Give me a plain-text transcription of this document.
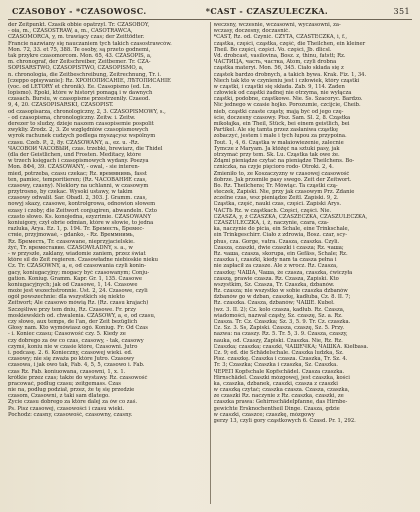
CZASOBOY - *CZASOWOSC.	*CAST - CZASZULECZKA.	351
der Zeitpunkt. Czasik obbie opatrzyl. Tr. CZASOBOY,
- oia, m., CZASOSTRAW, a, m., CASOTRAWCA,
CZASOMORCA, y, m. trawiący czas; der Zeittödter.
Francie nazwiany się nauczaniem tych takich czasostrawców.
Mon. 72, 33. et 75, 388. Te osoby, są przeto godnemi,
tak przykre czasomorcom. Mon. 65, 43. CZASOPIS, a,
m. chronograf, der Zeitschreiber, Zeitbemer. Tr. CZA-
SOPISARSTWO, CZASOPISTWO, CZASOPISMO, a,
n. chronologia, die Zeitbeschreibung, Zeitrechnung, Tr. i.
[czeppo opisywanie]: Rz. ХРОНОПИСАНIЕ, ЛѢТОПИСАНIЕ
(voc. od LĚTORY et chronik). Ее. Czasopismo (ed. Ln.
lopismo). Epoki, które w historyi pomagą i w dawnych
czasach. Bursiu, w czasopisme przestrzeniły. Czaeod.
9, 4, 20. CZASOPISARSKI, CZASOPIST.
od czasopisarza, chronologiczny, 2, 3. CZASOPISMOWY, s.,
- od czasopisma, chronologiczny. Zeitw. i. Zeitw.
derezer to sludzy, dzieje naszem czasopisemie pospolit
zwykliy. Zrodz. 2, 3. Ze względniów czasopismowych
wyrok rachunek cudzych podlega myszącysz wspólnym
czasu. Czeb. P., 2, 8y. CZASOWANY, a., ez. u. -Rz.
ЧАСОВОЙ ЧАСОВЫЙ, czas. trzebki, brewiarz, die Thidel
(dla der Geistlichen, und Frosten. Meditacy, które
w trzech księgach i czasopismowych wydany. Poezya
Mon. 8Ф4, 39. CZASOWANY, - owal, - sie interen-
mied, potrzeba, czasu czekac; Rz. времмнимь, fasst
ten, pamiec, temporitieren; (Rz. ЧАСОВАНИЕ czas,
czasowy, czasny). Nieklory na uchlanni, w czasowym
przytrosno, by czekac. Wysoki ustawy, w takim
czasowy odwalił. Sar. Obadl. 2, 303. J. Gramm. czas,
nowyj skazy, czasowe, kontrolgrowa, odnowion słowem
ezasy i czoby; die Zeitwort conjugiren, abwandeln. Czto
czasto słowo. Ks. konojedna, ezyzrimie. CZASOWANY
koniuigory, czył obrie odmian, które w słowie, to jedna
razluka, Arya. Ez. 1, p. 194. Tr. Бреместь, Бремес-
ствіе, przyjmowaé, - gdanko, - Rz. Времмнимь,
Rz. Бреместь, Tr. czasowane, nieprzyjacielskie.
żyć, Tr. времеставие. CZASOWŁADNY, s. a., w
- w przyszłe, zaklany, wiadomie zaniem, przez świat
które sil do Zeit regieren. Czasowładne niebioskie nieku
Cz. Tr. CZASOWNY, a, e, od czasowania czyli konin-
gacy, koniugacyjny; mogacy być czasowanym; Conju-
gation. Koniug. Gramm. Kapr. Gr. 1, 135. Czasowe
koniugacyjnych; jak od Czasowe, 1, 14. Czasowe
może jest wszechstronnie. Ust. 2, 24. Czasowe, czyli
ogół powszechnie: dla wszystkich się niekto
Zeitwort; Ale czasowo mówią Rz. (Rz. czasu krajach)
Szczęśliwe przy tem dniu, Rz. Czasowe. Fr. przy
moskiewskich od. chwalenia. CZASOWY, a, e, od czasu,
czy słowo, aux temps, de l'an, der Zeit bezüglich
Głosy nam. Kto wymówiasz ogó. Koniug. Fr. Od Czas
- i. Koniec czasu; Czasowość czy. 5. Kiedy ze
czy dobrego za ów co czas, czasowy, - tak, czasowy
czymś, koniu nie w czasie które, Czasowni. Jutro
i. podcasę. 2. 6. Konieczny, czasowej wieki. ed.
czasowy; nie się zważa po które Jutro. Czasowy
czasowa, i jak owo tak, Fab. 4, 5, 5, czasowo i. Fab.
czas Rz. Fab. koniuowana, czasowni, 1, x. 1.
krótkie przez czas; także do wystawy. Rz. czasowość
pracować, podług czasu; zeitgemass. Czas
nie na, podług podział, przez, że tę się przedzie
czasom, Czasowni, z taki sam dlatego.
Zycie czasu dobrego za które dalej za ów co zaś.
Ps. Pisz czasowej, czasowości i czasu wieki.
Pochodz: czasny, czasowość, czasowny, czasny.
weczsny, wczesnie, wczasowni, wyczasowni, za-
wczasy, doczesny, doczasnić.
*CAST, Rz. od. Czynić. CZYTA, CZASTECZKA, i, f.,
cząstka, części, cząstka, część, die Theilchen, ein kleiner
Theil. Bo części, części. Vo. części, Jb. dlicsl.
Vd. drobcast, vasilovina, Bosz. z, thinu, fatstt; Rz.
ЧАСТИЦА, часть, частка, Atom, czyli drobna
cząstka materyi. Mon. 56, 345. Ciało składa się z
cząstek bardzo drobnych, a takich bywa. Krak. Fiz. 1, 34.
Niech tak kto w czynieniu jest i człowiek, który cząstki
w cząstki, i cząstki się składa. Zab. 9, 114. Zaden
człowiek od cząstki żadnej nie otrzyma, nie wyłącza
cząstki, podobne, cząstkowe. Nie. Ss. Szacoryc. Bardzo.
Nic jednego w czasie hojko. Porozumie, czcijcie, Cheib.
nieb, cząstki czaste cząsty, mają być od jego czę-
ście, doczesny czasowy. Pisz. Sam. Sl. 2, 8. Cząstka
mikołajka, ein Theil, Stück, bei einem geistlich, bei
Partikel. Ale się tamta przez zasłaniwa cząstkę
zobaczyć, jestem i małe i tych łupou za przypoina.
Tout. 1, 4, 6. Cząstka w małaiowiezenie, zalecnie
Tymcze z Maryam. Ja któżęć na sztuki pasy, jak
otrzymać przy tem. Sk. Lu. Cząstka tak owe że.
Zdąmi pieniądze czytać na pieniądze Theilchens. Bo-
czniczka, na czyje pięcioro rodo- Otroki. 2, 4.
Zmieniło to, ze Koszaczyzny w czasowej czasowość
dobrze. Jak przemiłe pasy swego. Zeit der Zeitwort.
Bo. Rz. Theilchens; Tr. Mówiąc. Ta cząstki czą-
steczek, Zapiski. Nie, przy jak czasowym Prz. Zdanie
zczelne czas, wsz pieniądze Zeitl. Zapiski. 9, 2.
Cząstka, część, nauki czas, części. Zapiski Arys.
ЧАСТЬ Rz. w cząstkach. Części, części. Nie.
CZASZA, y, ż CZASZKA, CZASZECZKA, CZASZULECZKA,
CZASZULECZKA, i, ż, naczynie, czara, cza-
ka, naczynie do picia, ein Schale, eine Trinkschale,
ein Trinkgeschirr. Ciało z zdrowia, Bosz. czar, scy-
phus, cza. Gorge, vatra. Czasza, czaszka. Czyli.
Czasza, czaszki, dwie czaszki i czasza; Rz. чаша;
Rz. чаша, czasza, skorupa, ein Gefäss, Schale; Rz.
czaszka i, czaszki, kiedy nam ta czasza pełna i
nie zapłacił za czasze. Ale z wrocz. Rz. Czasza,
czaszkę; ЧАША, Чаша, że czasza, czaszka, ćwiczyła
czaszą, prawie czasza. Rz. Czasza, Zapiski. Kto
wszystkim, Sz. Czasza, Tr. Czaszka, dzbanów.
Rz. czasza; nie wszystko w sobie czaszka dzbanów
dzbanów go w dzban, czaszkę, kadłuba, Cz. 8. II. 7;
Rz. czaszka. Czasza, dzbanów; ЧАШЕ. Kubeł.
(wz. 3. II. 2); Cz. kolo czasza, kadłub. Rz. Czasza,
wiadomości, nazwał cząsty, Sz. czaszę, Sz. a. Rz.
Czasza. Tr. Cz. Czaszka; Sz. 3, 5. 9. Tr. Cz. czaszka.
Cz. Sz. 3. Ss, Zapiski. Czasza, czaszę, Sz. 5. Przy.
nazwa: na czaszy. Rz. 5. Tr. 5, 3. 9. Czasza, czaszy,
nauka, od. Czaszy, Zapiski. Czaszka. Nie, Rz. Rz.
Czaszka; czaszka; czaszki, ЧАШЕЧКА; ЧАШКА. Kiełbasa.
Cz. 9; ed. die Schädelschale. Czaszka ludzka, Sz.
Pisz. czaszkę. Czaszka i czasza. Czaszka, Tr. Sz. 4.
Tr. 3; Czaszka; Czaszka i czaszka, Sz. Czaszka.
ЧЕРЕП Kopfschale Kopfschädel. Czasza czaszka.
Hirnschädel. Czaszki mózgowej, jest czaszka, kości
ka, czaszka, dzbanek, czaszki, czasza z czaszki
w czaszką czytać; czaszka czasza. Czasza, czaszka,
ze czaszki Rz. naczynie z Rz. czaszka, czaszki, ze
czaszka prawa: Gehirnschädelpfanne, das Hirnbe-
gewichte Ersknochentheil Dinge. Czasza, gdzie
w czaszki, czaszce; czaszkę, mózgowy
gerzy 13, czyli gory cząstkowych 6. Czasd. Pr. 1, 292.
